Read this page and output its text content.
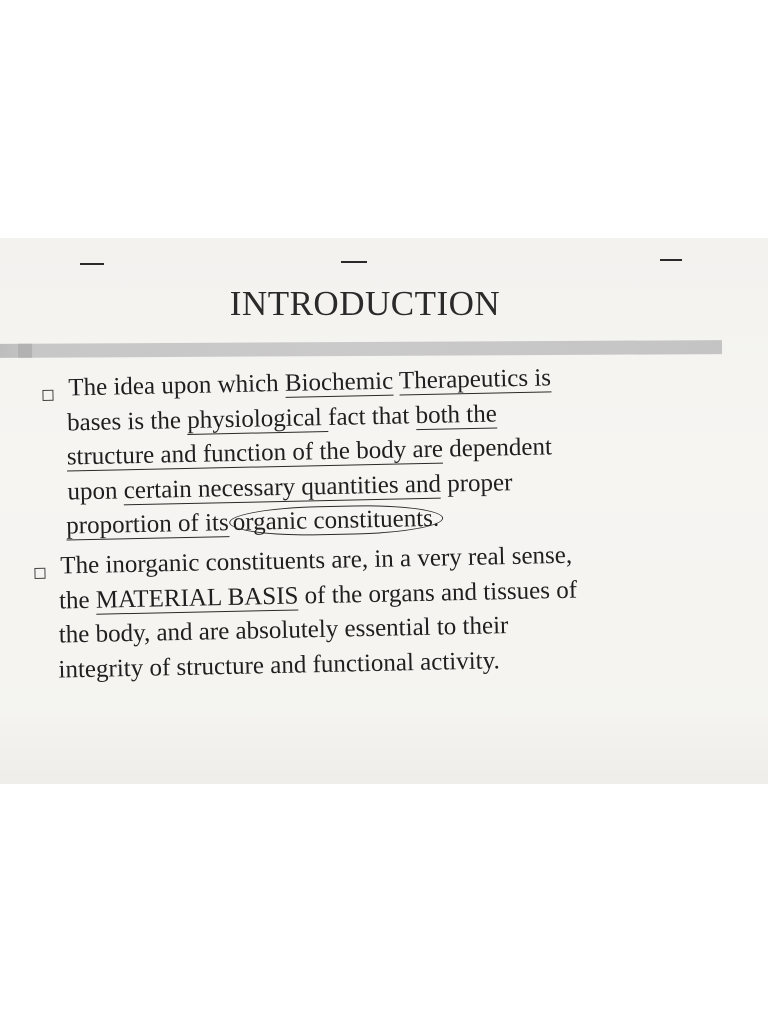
INTRODUCTION

The idea upon which Biochemic Therapeutics is

bases is the physiological fact that both the

structure and function of the body are dependent

upon certain necessary quantities and proper

proportion of its organic constituents.

The inorganic constituents are, in a very real sense,

the MATERIAL BASIS of the organs and tissues of

the body, and are absolutely essential to their

integrity of structure and functional activity.
